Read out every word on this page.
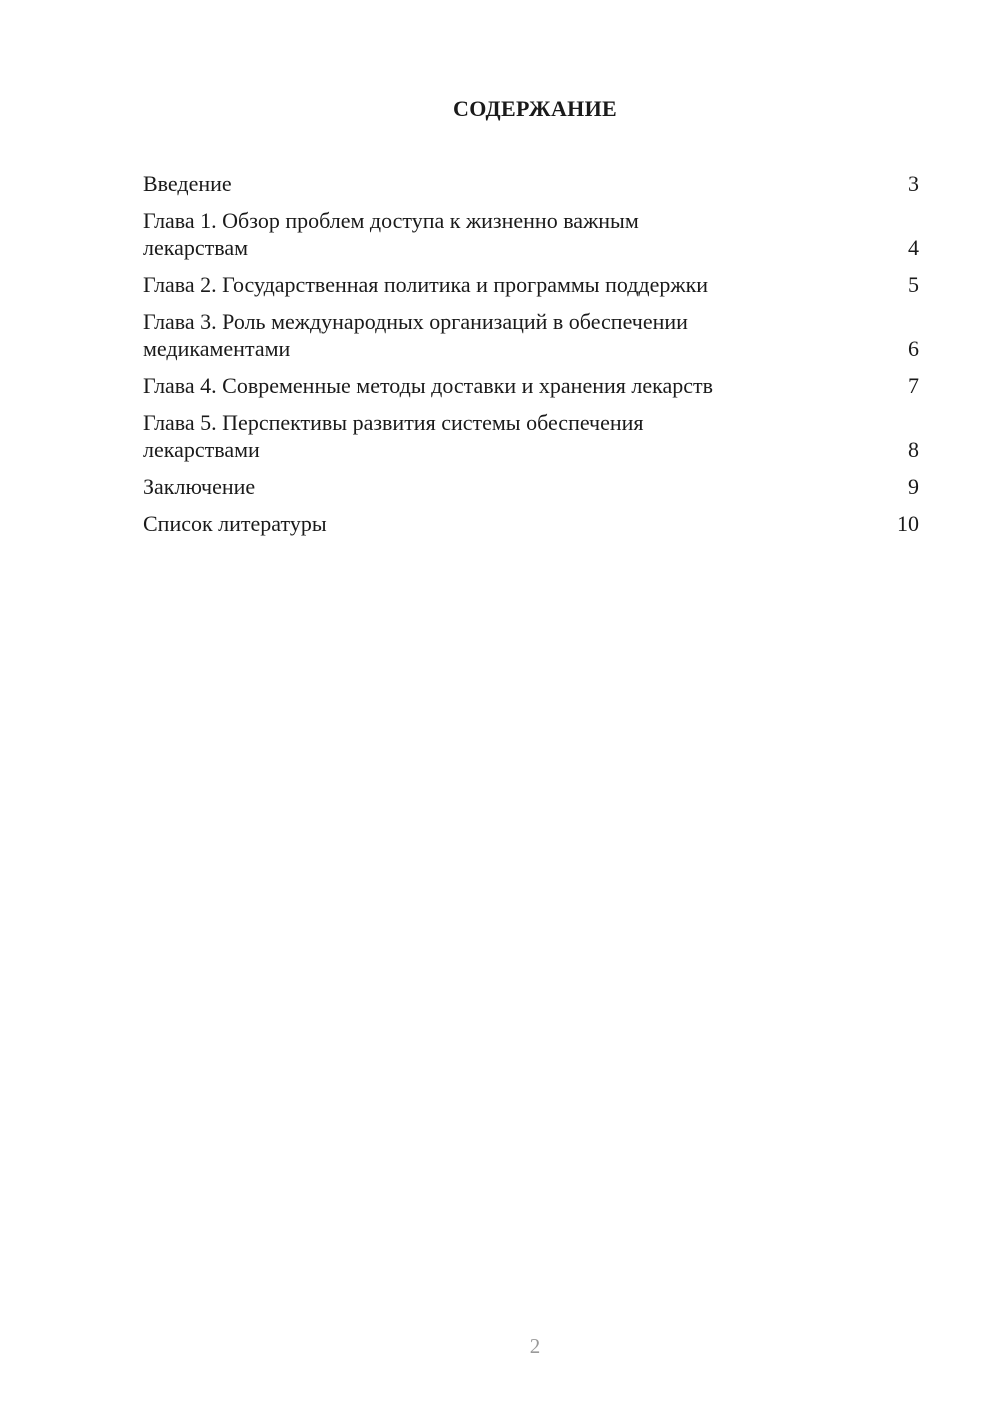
СОДЕРЖАНИЕ
Введение	3
Глава 1. Обзор проблем доступа к жизненно важным
лекарствам	4
Глава 2. Государственная политика и программы поддержки	5
Глава 3. Роль международных организаций в обеспечении
медикаментами	6
Глава 4. Современные методы доставки и хранения лекарств	7
Глава 5. Перспективы развития системы обеспечения
лекарствами	8
Заключение	9
Список литературы	10
2
